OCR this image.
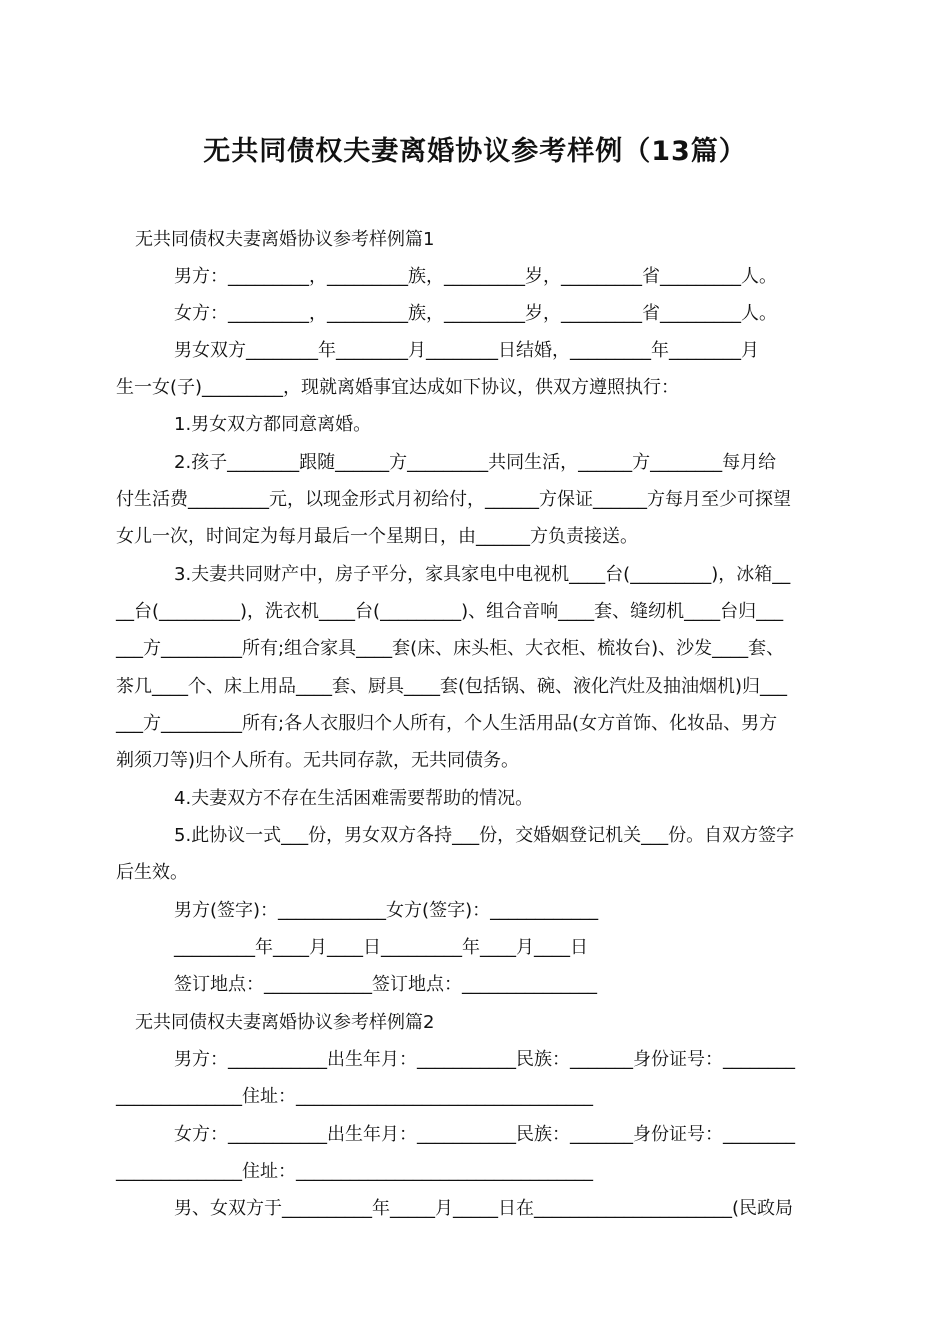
无共同债权夫妻离婚协议参考样例（13篇）
无共同债权夫妻离婚协议参考样例篇1
男方：_________，_________族，_________岁，_________省_________人。
女方：_________，_________族，_________岁，_________省_________人。
男女双方________年________月________日结婚，_________年________月
生一女(子)_________，现就离婚事宜达成如下协议，供双方遵照执行：
1.男女双方都同意离婚。
2.孩子________跟随______方_________共同生活，______方________每月给
付生活费_________元，以现金形式月初给付，______方保证______方每月至少可探望
女儿一次，时间定为每月最后一个星期日，由______方负责接送。
3.夫妻共同财产中，房子平分，家具家电中电视机____台(_________)，冰箱__
__台(_________)，洗衣机____台(_________)、组合音响____套、缝纫机____台归___
___方_________所有;组合家具____套(床、床头柜、大衣柜、梳妆台)、沙发____套、
茶几____个、床上用品____套、厨具____套(包括锅、碗、液化汽灶及抽油烟机)归___
___方_________所有;各人衣服归个人所有，个人生活用品(女方首饰、化妆品、男方
剃须刀等)归个人所有。无共同存款，无共同债务。
4.夫妻双方不存在生活困难需要帮助的情况。
5.此协议一式___份，男女双方各持___份，交婚姻登记机关___份。自双方签字
后生效。
男方(签字)：____________女方(签字)：____________
_________年____月____日_________年____月____日
签订地点：____________签订地点：_______________
无共同债权夫妻离婚协议参考样例篇2
男方：___________出生年月：___________民族：_______身份证号：________
______________住址：_________________________________
女方：___________出生年月：___________民族：_______身份证号：________
______________住址：_________________________________
男、女双方于__________年_____月_____日在______________________(民政局
